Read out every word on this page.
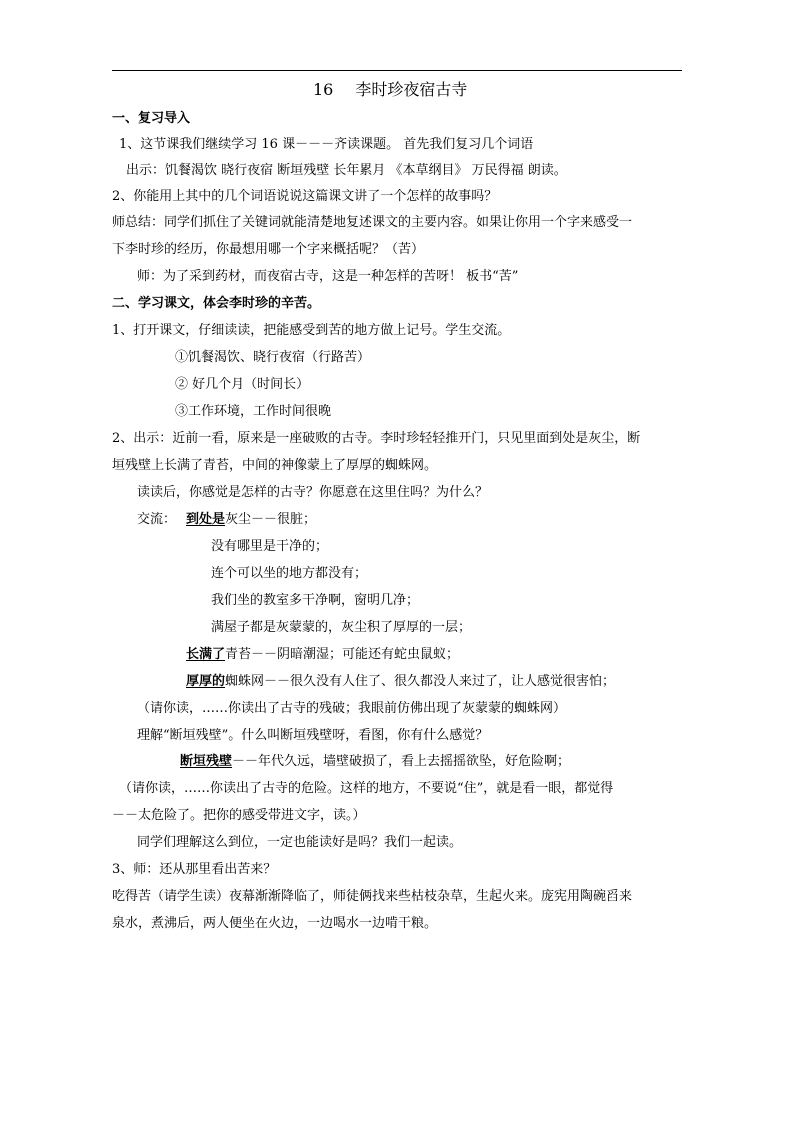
16 李时珍夜宿古寺
一、复习导入
1、这节课我们继续学习 16 课－－－齐读课题。 首先我们复习几个词语
出示：饥餐渴饮 晓行夜宿 断垣残壁 长年累月 《本草纲目》 万民得福 朗读。
2、你能用上其中的几个词语说说这篇课文讲了一个怎样的故事吗？
师总结：同学们抓住了关键词就能清楚地复述课文的主要内容。如果让你用一个字来感受一
下李时珍的经历，你最想用哪一个字来概括呢？（苦）
师：为了采到药材，而夜宿古寺，这是一种怎样的苦呀！ 板书“苦”
二、学习课文，体会李时珍的辛苦。
1、打开课文，仔细读读，把能感受到苦的地方做上记号。学生交流。
①饥餐渴饮、晓行夜宿（行路苦）
② 好几个月（时间长）
③工作环境，工作时间很晚
2、出示：近前一看，原来是一座破败的古寺。李时珍轻轻推开门，只见里面到处是灰尘，断
垣残壁上长满了青苔，中间的神像蒙上了厚厚的蜘蛛网。
读读后，你感觉是怎样的古寺？你愿意在这里住吗？为什么？
交流： 到处是灰尘－－很脏；
没有哪里是干净的；
连个可以坐的地方都没有；
我们坐的教室多干净啊，窗明几净；
满屋子都是灰蒙蒙的，灰尘积了厚厚的一层；
长满了青苔－－阴暗潮湿；可能还有蛇虫鼠蚁；
厚厚的蜘蛛网－－很久没有人住了、很久都没人来过了，让人感觉很害怕；
（请你读，……你读出了古寺的残破；我眼前仿佛出现了灰蒙蒙的蜘蛛网）
理解“断垣残壁”。什么叫断垣残壁呀，看图，你有什么感觉？
断垣残壁－－年代久远，墙壁破损了，看上去摇摇欲坠，好危险啊；
（请你读，……你读出了古寺的危险。这样的地方，不要说“住”，就是看一眼，都觉得
－－太危险了。把你的感受带进文字，读。）
同学们理解这么到位，一定也能读好是吗？我们一起读。
3、师：还从那里看出苦来？
吃得苦（请学生读）夜幕渐渐降临了，师徒俩找来些枯枝杂草，生起火来。庞宪用陶碗舀来
泉水，煮沸后，两人便坐在火边，一边喝水一边啃干粮。
